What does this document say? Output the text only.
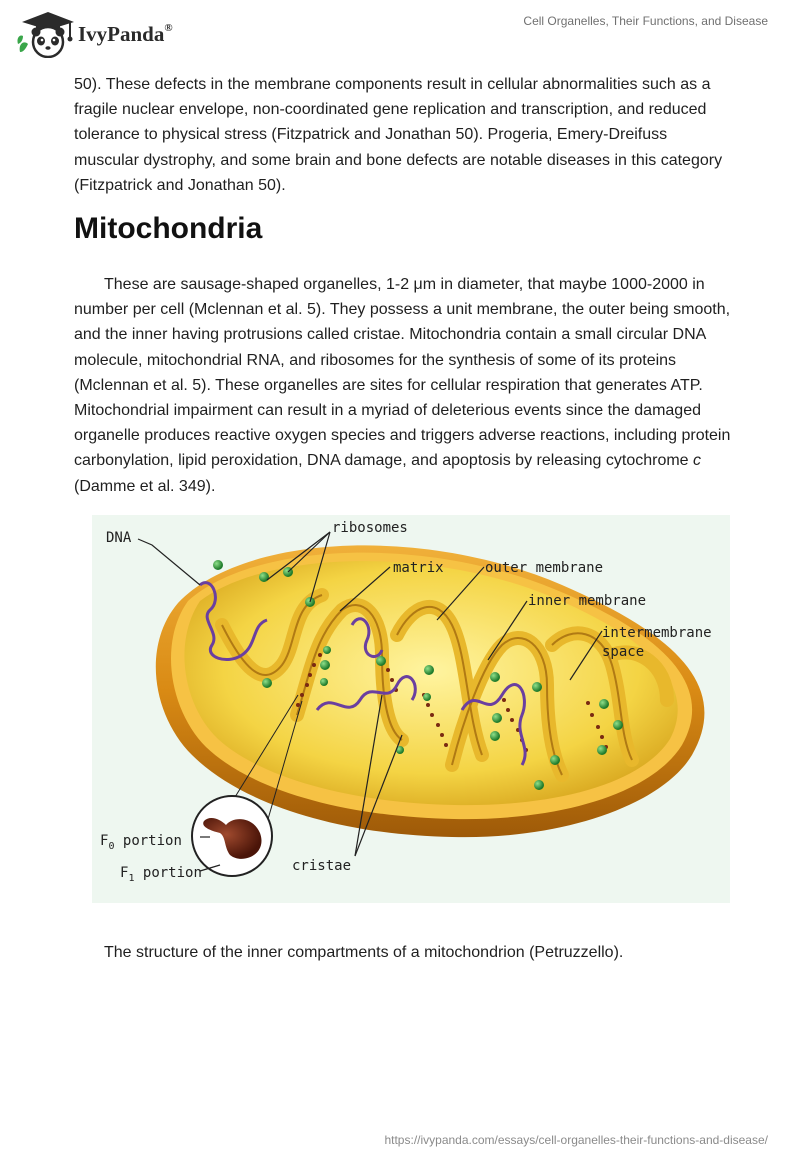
IvyPanda®	Cell Organelles, Their Functions, and Disease

50). These defects in the membrane components result in cellular abnormalities such as a fragile nuclear envelope, non-coordinated gene replication and transcription, and reduced tolerance to physical stress (Fitzpatrick and Jonathan 50). Progeria, Emery-Dreifuss muscular dystrophy, and some brain and bone defects are notable diseases in this category (Fitzpatrick and Jonathan 50).

Mitochondria

These are sausage-shaped organelles, 1-2 μm in diameter, that maybe 1000-2000 in number per cell (Mclennan et al. 5). They possess a unit membrane, the outer being smooth, and the inner having protrusions called cristae. Mitochondria contain a small circular DNA molecule, mitochondrial RNA, and ribosomes for the synthesis of some of its proteins (Mclennan et al. 5). These organelles are sites for cellular respiration that generates ATP. Mitochondrial impairment can result in a myriad of deleterious events since the damaged organelle produces reactive oxygen species and triggers adverse reactions, including protein carbonylation, lipid peroxidation, DNA damage, and apoptosis by releasing cytochrome c (Damme et al. 349).

DNA
ribosomes
matrix	outer membrane
inner membrane
intermembrane
space
$F_0$ portion
$F_1$ portion	cristae
The structure of the inner compartments of a mitochondrion (Petruzzello).
https://ivypanda.com/essays/cell-organelles-their-functions-and-disease/
